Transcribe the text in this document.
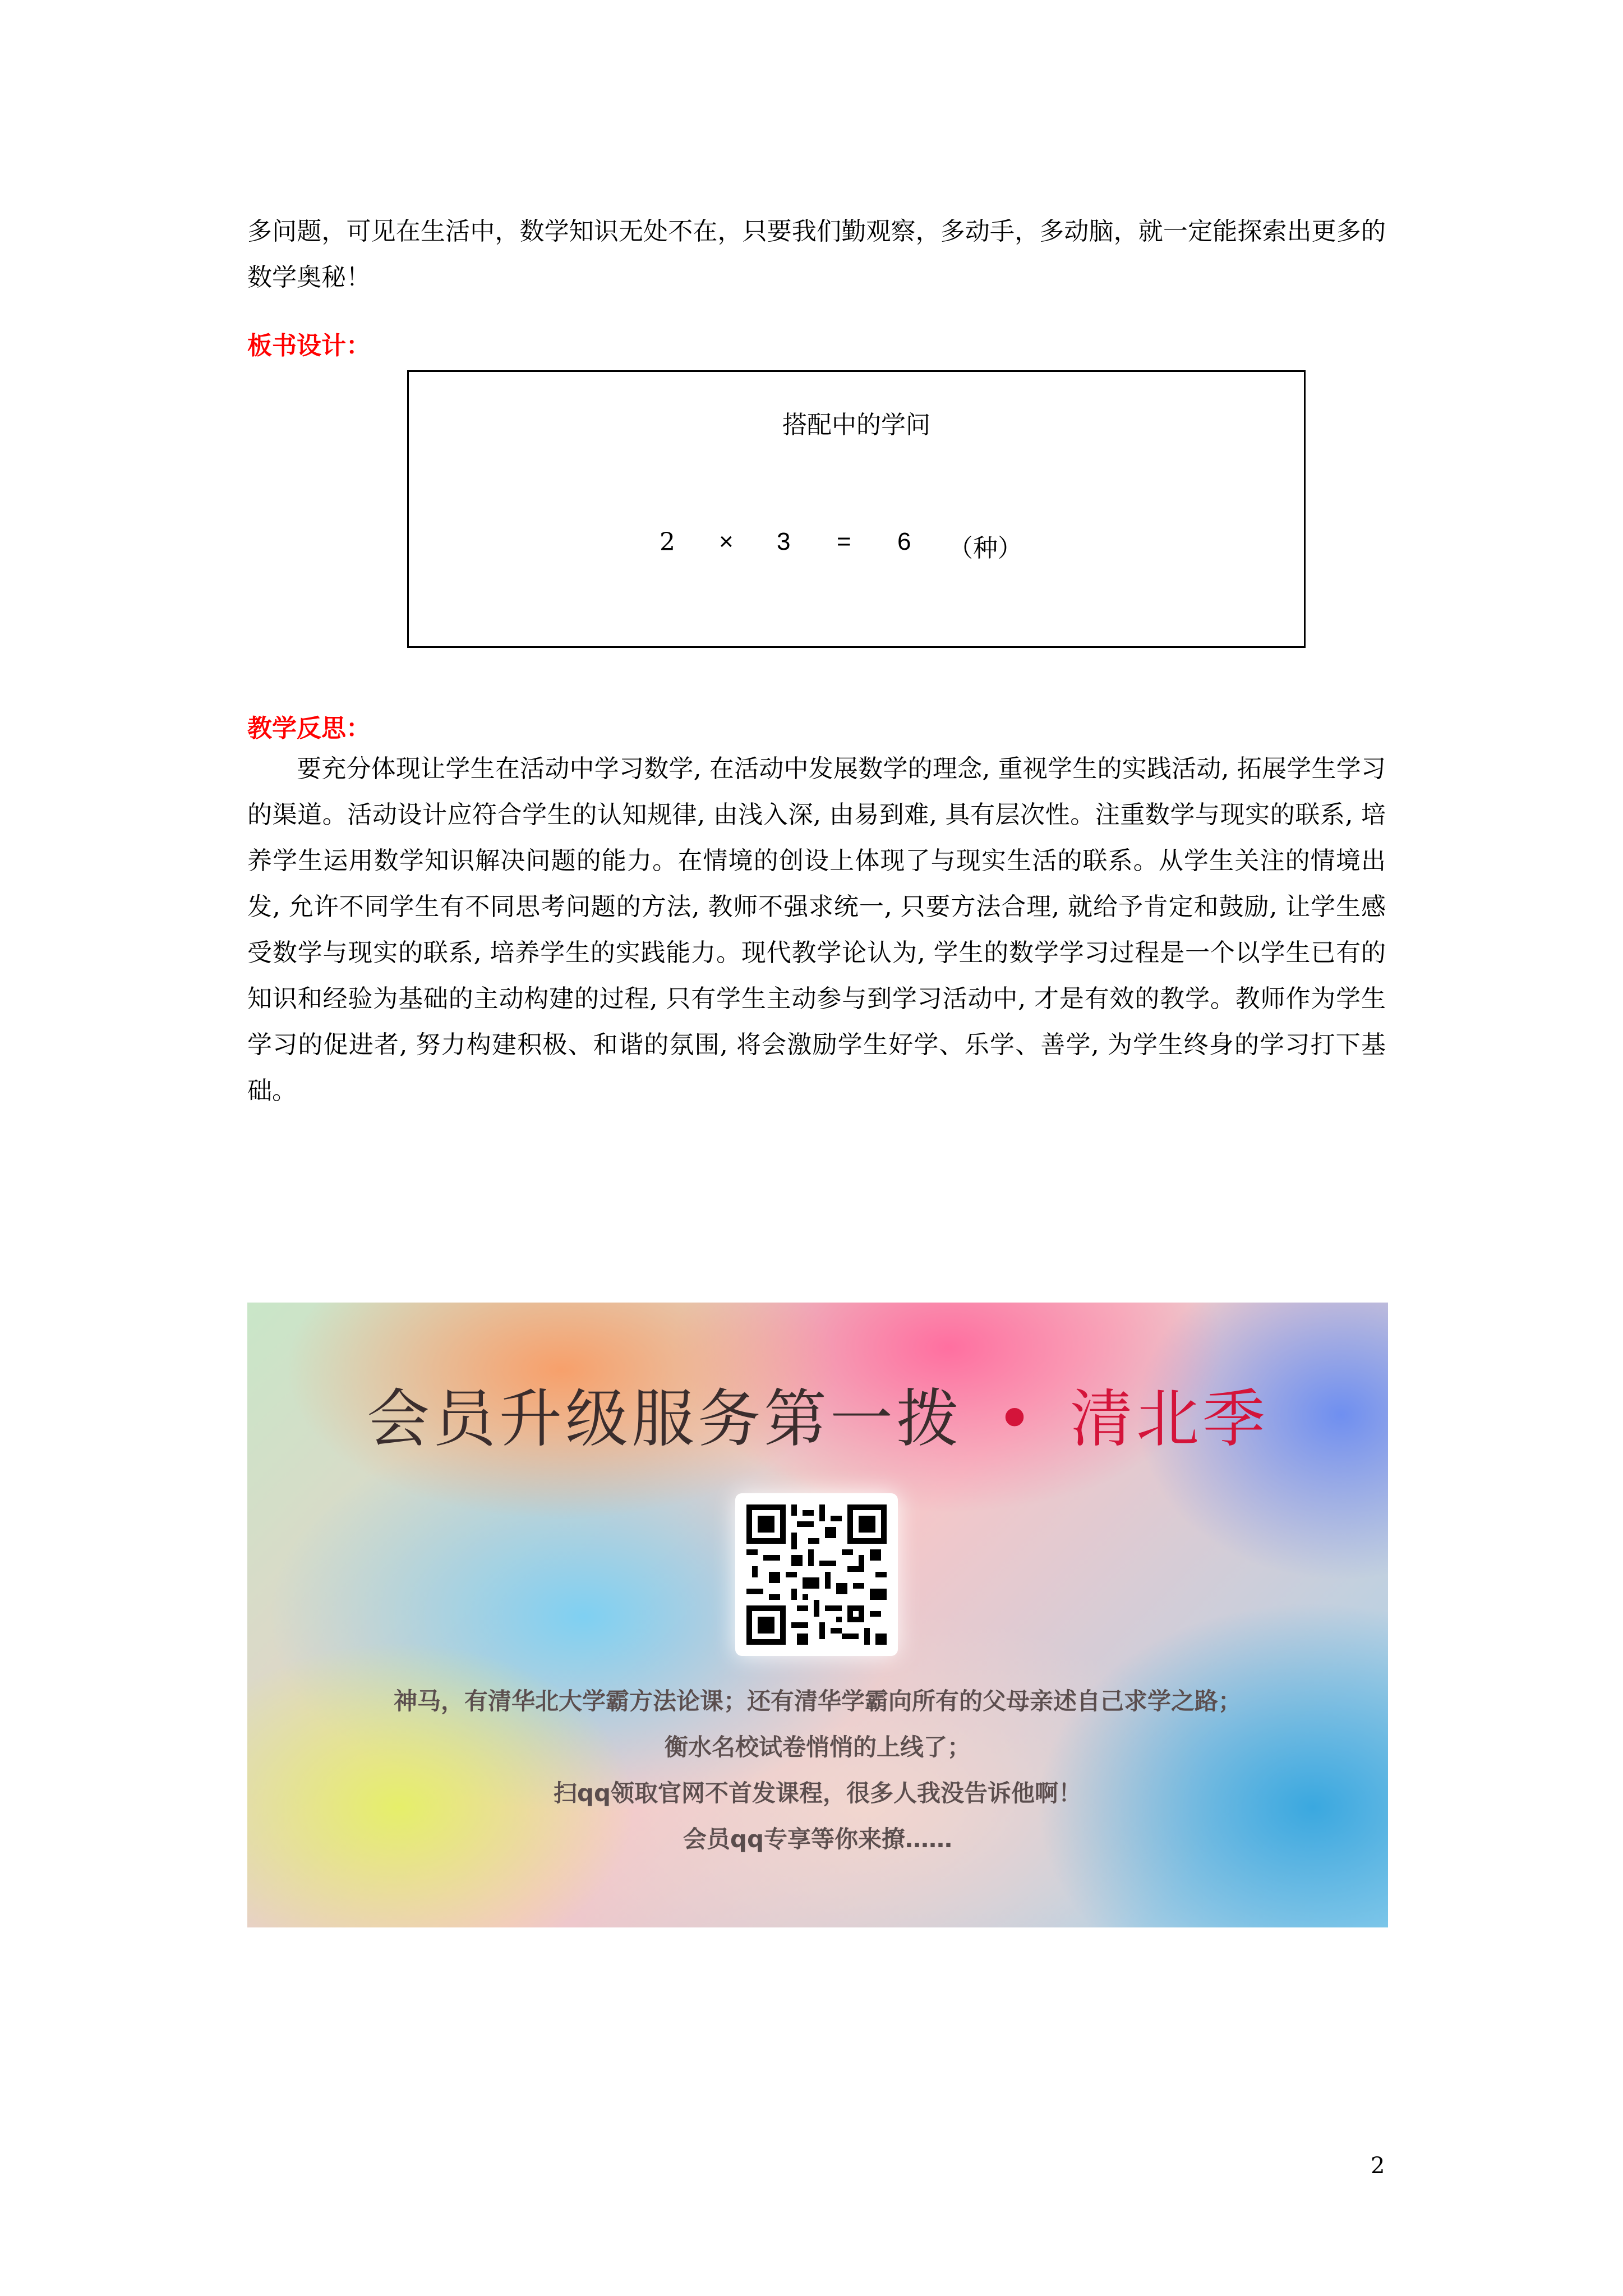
多问题，可见在生活中，数学知识无处不在，只要我们勤观察，多动手，多动脑，就一定能探索出更多的数学奥秘！

板书设计：

搭配中的学问
2 × 3 = 6 （种）

教学反思：

要充分体现让学生在活动中学习数学, 在活动中发展数学的理念, 重视学生的实践活动, 拓展学生学习的渠道。活动设计应符合学生的认知规律, 由浅入深, 由易到难, 具有层次性。注重数学与现实的联系, 培养学生运用数学知识解决问题的能力。在情境的创设上体现了与现实生活的联系。从学生关注的情境出发, 允许不同学生有不同思考问题的方法, 教师不强求统一, 只要方法合理, 就给予肯定和鼓励, 让学生感受数学与现实的联系, 培养学生的实践能力。现代教学论认为, 学生的数学学习过程是一个以学生已有的知识和经验为基础的主动构建的过程, 只有学生主动参与到学习活动中, 才是有效的教学。教师作为学生学习的促进者, 努力构建积极、和谐的氛围, 将会激励学生好学、乐学、善学, 为学生终身的学习打下基础。

会员升级服务第一拨 • 清北季
神马，有清华北大学霸方法论课；还有清华学霸向所有的父母亲述自己求学之路；
衡水名校试卷悄悄的上线了；
扫qq领取官网不首发课程，很多人我没告诉他啊！
会员qq专享等你来撩……
2
